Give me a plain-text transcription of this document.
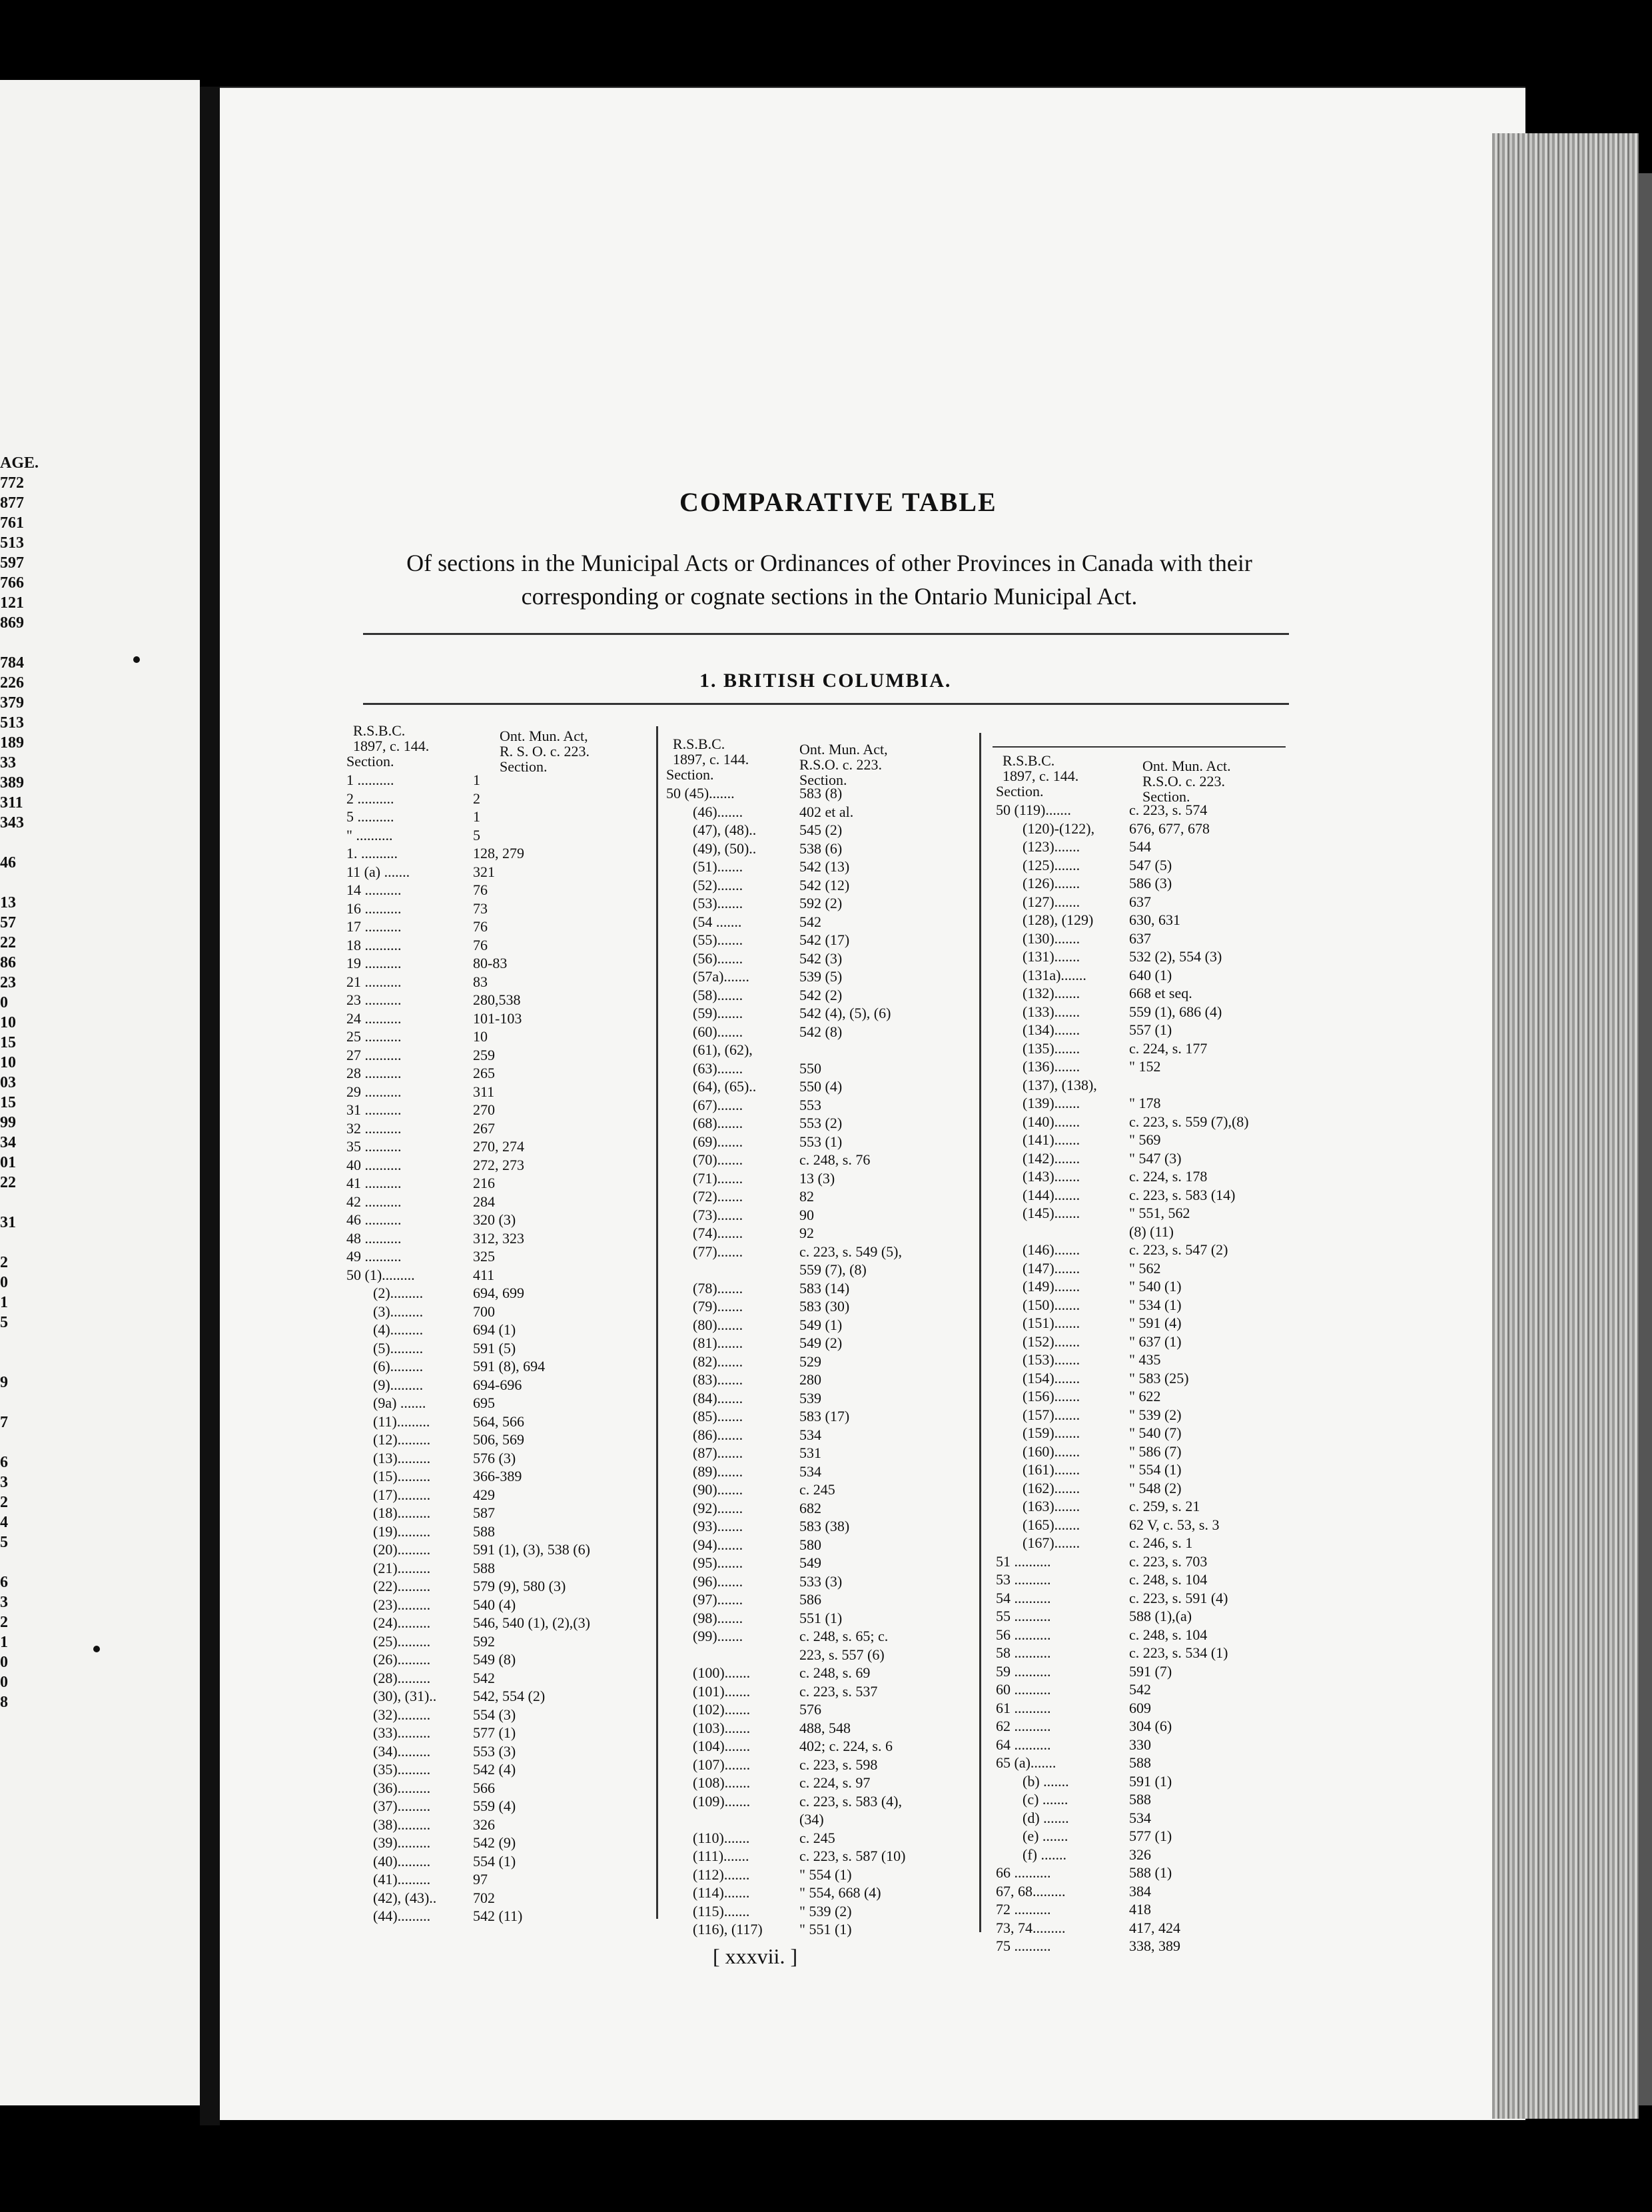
AGE.
772
877
761
513
597
766
121
869
784
226
379
513
189
33
389
311
343
46
13
57
22
86
23
0
10
15
10
03
15
99
34
01
22
31
2
0
1
5
9
7
6
3
2
4
5
6
3
2
1
0
0
8
COMPARATIVE TABLE
Of sections in the Municipal Acts or Ordinances of other Provinces in Canada with their
corresponding or cognate sections in the Ontario Municipal Act.
1. BRITISH COLUMBIA.
R.S.B.C.
1897, c. 144.
Section.
Ont. Mun. Act,
R. S. O. c. 223.
Section.
1 ..........	1
2 ..........	2
5 ..........	1
" ..........	5
1. ..........	128, 279
11 (a) .......	321
14 ..........	76
16 ..........	73
17 ..........	76
18 ..........	76
19 ..........	80-83
21 ..........	83
23 ..........	280,538
24 ..........	101-103
25 ..........	10
27 ..........	259
28 ..........	265
29 ..........	311
31 ..........	270
32 ..........	267
35 ..........	270, 274
40 ..........	272, 273
41 ..........	216
42 ..........	284
46 ..........	320 (3)
48 ..........	312, 323
49 ..........	325
50 (1).........	411
(2).........	694, 699
(3).........	700
(4).........	694 (1)
(5).........	591 (5)
(6).........	591 (8), 694
(9).........	694-696
(9a) .......	695
(11).........	564, 566
(12).........	506, 569
(13).........	576 (3)
(15).........	366-389
(17).........	429
(18).........	587
(19).........	588
(20).........	591 (1), (3), 538 (6)
(21).........	588
(22).........	579 (9), 580 (3)
(23).........	540 (4)
(24).........	546, 540 (1), (2),(3)
(25).........	592
(26).........	549 (8)
(28).........	542
(30), (31).. 542, 554 (2)
(32).........	554 (3)
(33).........	577 (1)
(34).........	553 (3)
(35).........	542 (4)
(36).........	566
(37).........	559 (4)
(38).........	326
(39).........	542 (9)
(40).........	554 (1)
(41).........	97
(42), (43).. 702
(44).........	542 (11)
R.S.B.C.
1897, c. 144.
Section.
Ont. Mun. Act,
R.S.O. c. 223.
Section.
50 (45).......	583 (8)
(46).......	402 et al.
(47), (48)..	545 (2)
(49), (50)..	538 (6)
(51).......	542 (13)
(52).......	542 (12)
(53).......	592 (2)
(54 .......	542
(55).......	542 (17)
(56).......	542 (3)
(57a).......	539 (5)
(58).......	542 (2)
(59).......	542 (4), (5), (6)
(60).......	542 (8)
(61), (62),
(63).......	550
(64), (65)..	550 (4)
(67).......	553
(68).......	553 (2)
(69).......	553 (1)
(70).......	c. 248, s. 76
(71).......	13 (3)
(72).......	82
(73).......	90
(74).......	92
(77).......	c. 223, s. 549 (5),
559 (7), (8)
(78).......	583 (14)
(79).......	583 (30)
(80).......	549 (1)
(81).......	549 (2)
(82).......	529
(83).......	280
(84).......	539
(85).......	583 (17)
(86).......	534
(87).......	531
(89).......	534
(90).......	c. 245
(92).......	682
(93).......	583 (38)
(94).......	580
(95).......	549
(96).......	533 (3)
(97).......	586
(98).......	551 (1)
(99).......	c. 248, s. 65; c.
223, s. 557 (6)
(100).......	c. 248, s. 69
(101).......	c. 223, s. 537
(102).......	576
(103).......	488, 548
(104).......	402; c. 224, s. 6
(107).......	c. 223, s. 598
(108).......	c. 224, s. 97
(109).......	c. 223, s. 583 (4),
(34)
(110).......	c. 245
(111).......	c. 223, s. 587 (10)
(112).......	" 554 (1)
(114).......	" 554, 668 (4)
(115).......	" 539 (2)
(116), (117)	" 551 (1)
R.S.B.C.
1897, c. 144.
Section.
Ont. Mun. Act.
R.S.O. c. 223.
Section.
50 (119).......	c. 223, s. 574
(120)-(122), 676, 677, 678
(123).......	544
(125).......	547 (5)
(126).......	586 (3)
(127).......	637
(128), (129) 630, 631
(130).......	637
(131).......	532 (2), 554 (3)
(131a).......	640 (1)
(132).......	668 et seq.
(133).......	559 (1), 686 (4)
(134).......	557 (1)
(135).......	c. 224, s. 177
(136).......	" 152
(137), (138),
(139).......	" 178
(140).......	c. 223, s. 559 (7),(8)
(141).......	" 569
(142).......	" 547 (3)
(143).......	c. 224, s. 178
(144).......	c. 223, s. 583 (14)
(145).......	" 551, 562
(8) (11)
(146).......	c. 223, s. 547 (2)
(147).......	" 562
(149).......	" 540 (1)
(150).......	" 534 (1)
(151).......	" 591 (4)
(152).......	" 637 (1)
(153).......	" 435
(154).......	" 583 (25)
(156).......	" 622
(157).......	" 539 (2)
(159).......	" 540 (7)
(160).......	" 586 (7)
(161).......	" 554 (1)
(162).......	" 548 (2)
(163).......	c. 259, s. 21
(165).......	62 V, c. 53, s. 3
(167).......	c. 246, s. 1
51 ..........	c. 223, s. 703
53 ..........	c. 248, s. 104
54 ..........	c. 223, s. 591 (4)
55 ..........	588 (1),(a)
56 ..........	c. 248, s. 104
58 ..........	c. 223, s. 534 (1)
59 ..........	591 (7)
60 ..........	542
61 ..........	609
62 ..........	304 (6)
64 ..........	330
65 (a).......	588
(b) .......	591 (1)
(c) .......	588
(d) .......	534
(e) .......	577 (1)
(f) .......	326
66 ..........	588 (1)
67, 68.........	384
72 ..........	418
73, 74.........	417, 424
75 ..........	338, 389
[ xxxvii. ]
